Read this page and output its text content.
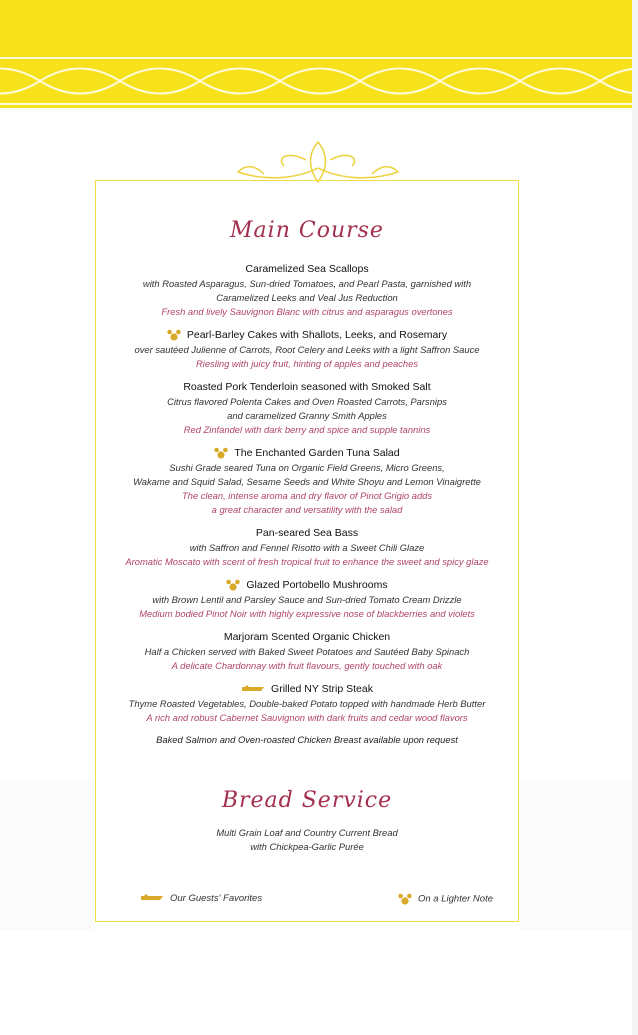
Main Course
Caramelized Sea Scallops
with Roasted Asparagus, Sun-dried Tomatoes, and Pearl Pasta, garnished with
Caramelized Leeks and Veal Jus Reduction
Fresh and lively Sauvignon Blanc with citrus and asparagus overtones
Pearl-Barley Cakes with Shallots, Leeks, and Rosemary
over sautéed Julienne of Carrots, Root Celery and Leeks with a light Saffron Sauce
Riesling with juicy fruit, hinting of apples and peaches
Roasted Pork Tenderloin seasoned with Smoked Salt
Citrus flavored Polenta Cakes and Oven Roasted Carrots, Parsnips
and caramelized Granny Smith Apples
Red Zinfandel with dark berry and spice and supple tannins
The Enchanted Garden Tuna Salad
Sushi Grade seared Tuna on Organic Field Greens, Micro Greens,
Wakame and Squid Salad, Sesame Seeds and White Shoyu and Lemon Vinaigrette
The clean, intense aroma and dry flavor of Pinot Grigio adds
a great character and versatility with the salad
Pan-seared Sea Bass
with Saffron and Fennel Risotto with a Sweet Chili Glaze
Aromatic Moscato with scent of fresh tropical fruit to enhance the sweet and spicy glaze
Glazed Portobello Mushrooms
with Brown Lentil and Parsley Sauce and Sun-dried Tomato Cream Drizzle
Medium bodied Pinot Noir with highly expressive nose of blackberries and violets
Marjoram Scented Organic Chicken
Half a Chicken served with Baked Sweet Potatoes and Sautéed Baby Spinach
A delicate Chardonnay with fruit flavours, gently touched with oak
Grilled NY Strip Steak
Thyme Roasted Vegetables, Double-baked Potato topped with handmade Herb Butter
A rich and robust Cabernet Sauvignon with dark fruits and cedar wood flavors
Baked Salmon and Oven-roasted Chicken Breast available upon request
Bread Service
Multi Grain Loaf and Country Current Bread
with Chickpea-Garlic Purée
Our Guests' Favorites	On a Lighter Note
